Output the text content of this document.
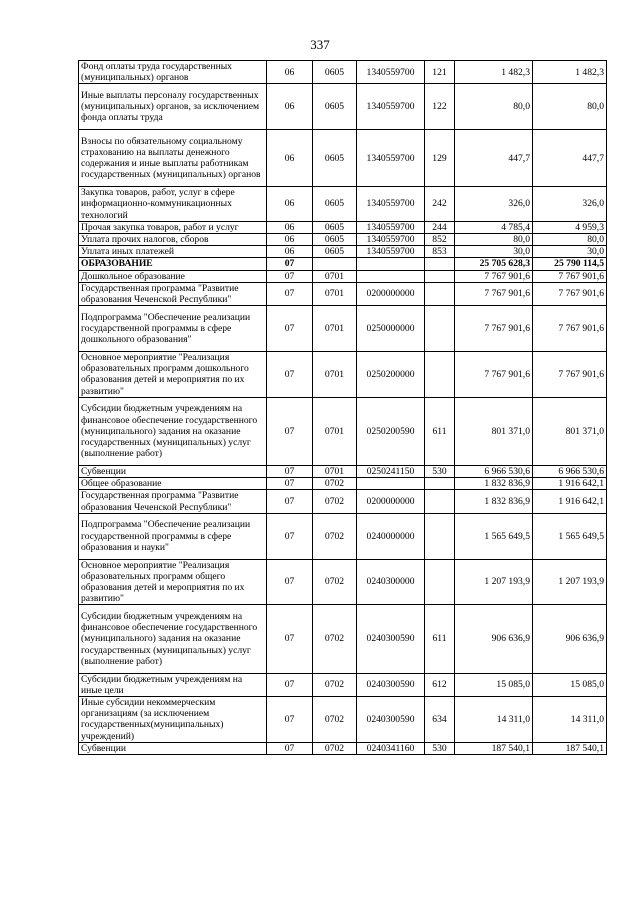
337
Фонд оплаты труда государственных (муниципальных) органов	06	0605	1340559700	121	1 482,3	1 482,3
Иные выплаты персоналу государственных (муниципальных) органов, за исключением фонда оплаты труда	06	0605	1340559700	122	80,0	80,0
Взносы по обязательному социальному страхованию на выплаты денежного содержания и иные выплаты работникам государственных (муниципальных) органов	06	0605	1340559700	129	447,7	447,7
Закупка товаров, работ, услуг в сфере информационно-коммуникационных технологий	06	0605	1340559700	242	326,0	326,0
Прочая закупка товаров, работ и услуг	06	0605	1340559700	244	4 785,4	4 959,3
Уплата прочих налогов, сборов	06	0605	1340559700	852	80,0	80,0
Уплата иных платежей	06	0605	1340559700	853	30,0	30,0
ОБРАЗОВАНИЕ	07				25 705 628,3	25 790 114,5
Дошкольное образование	07	0701			7 767 901,6	7 767 901,6
Государственная программа "Развитие образования Чеченской Республики"	07	0701	0200000000		7 767 901,6	7 767 901,6
Подпрограмма "Обеспечение реализации государственной программы в сфере дошкольного образования"	07	0701	0250000000		7 767 901,6	7 767 901,6
Основное мероприятие "Реализация образовательных программ дошкольного образования детей и мероприятия по их развитию"	07	0701	0250200000		7 767 901,6	7 767 901,6
Субсидии бюджетным учреждениям на финансовое обеспечение государственного (муниципального) задания на оказание государственных (муниципальных) услуг (выполнение работ)	07	0701	0250200590	611	801 371,0	801 371,0
Субвенции	07	0701	0250241150	530	6 966 530,6	6 966 530,6
Общее образование	07	0702			1 832 836,9	1 916 642,1
Государственная программа "Развитие образования Чеченской Республики"	07	0702	0200000000		1 832 836,9	1 916 642,1
Подпрограмма "Обеспечение реализации государственной программы в сфере образования и науки"	07	0702	0240000000		1 565 649,5	1 565 649,5
Основное мероприятие "Реализация образовательных программ общего образования детей и мероприятия по их развитию"	07	0702	0240300000		1 207 193,9	1 207 193,9
Субсидии бюджетным учреждениям на финансовое обеспечение государственного (муниципального) задания на оказание государственных (муниципальных) услуг (выполнение работ)	07	0702	0240300590	611	906 636,9	906 636,9
Субсидии бюджетным учреждениям на иные цели	07	0702	0240300590	612	15 085,0	15 085,0
Иные субсидии некоммерческим организациям (за исключением государственных(муниципальных) учреждений)	07	0702	0240300590	634	14 311,0	14 311,0
Субвенции	07	0702	0240341160	530	187 540,1	187 540,1
